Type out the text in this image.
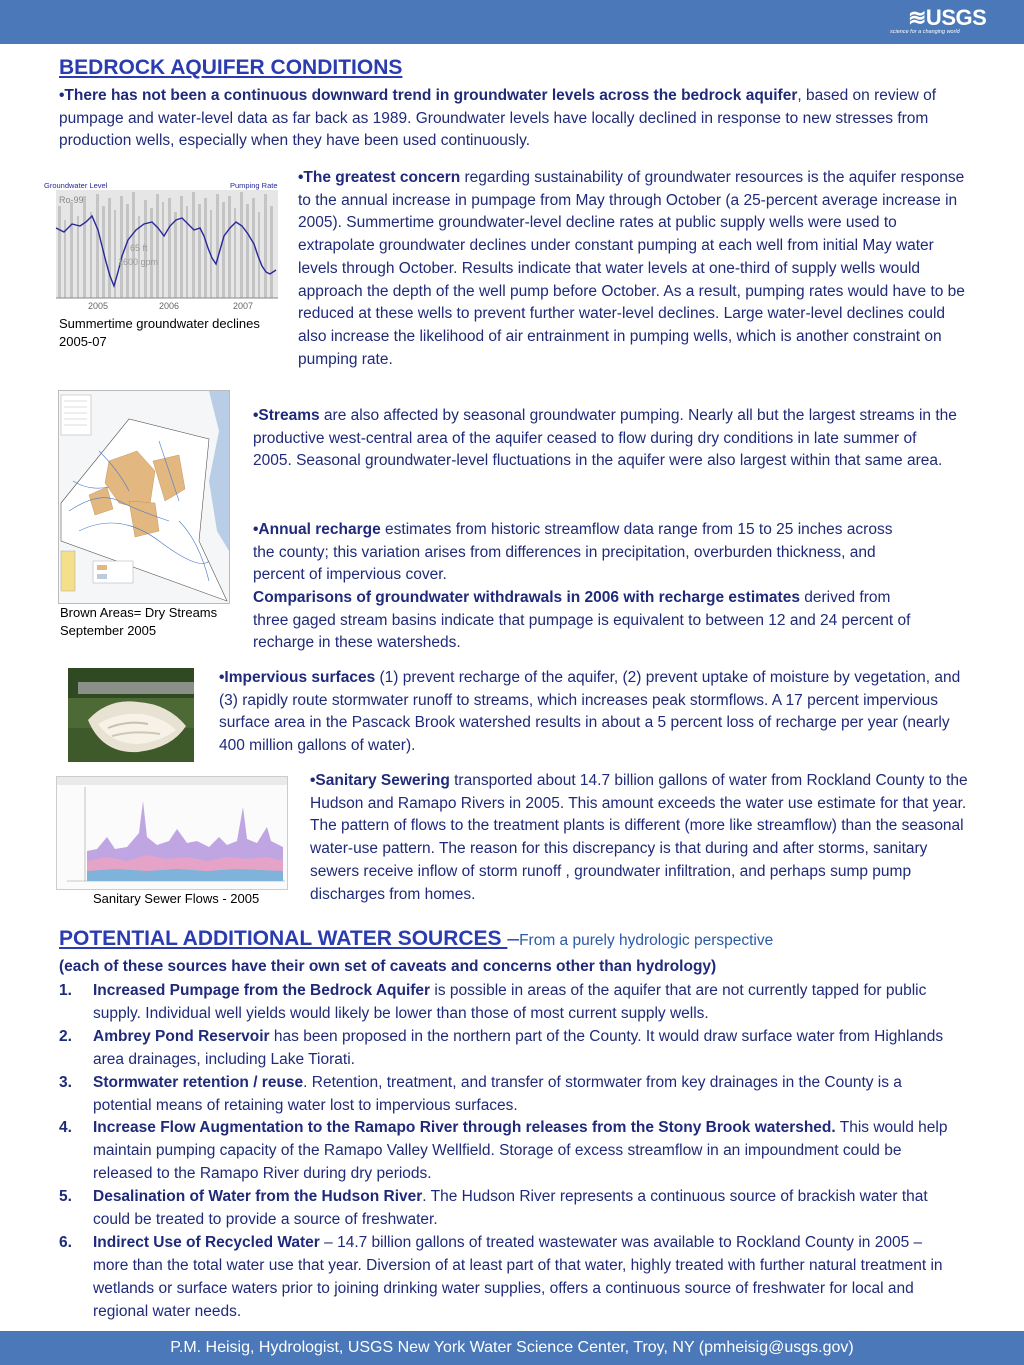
≋USGS
science for a changing world
BEDROCK AQUIFER CONDITIONS
•There has not been a continuous downward trend in groundwater levels across the bedrock aquifer, based on review of pumpage and water-level data as far back as 1989. Groundwater levels have locally declined in response to new stresses from production wells, especially when they have been used continuously.
Groundwater Level	Pumping Rate
Ro-99
65 ft
1600 gpm
2005	2006	2007
Summertime groundwater declines 2005-07
•The greatest concern regarding sustainability of groundwater resources is the aquifer response to the annual increase in pumpage from May through October (a 25-percent average increase in 2005). Summertime groundwater-level decline rates at public supply wells were used to extrapolate groundwater declines under constant pumping at each well from initial May water levels through October. Results indicate that water levels at one-third of supply wells would approach the depth of the well pump before October. As a result, pumping rates would have to be reduced at these wells to prevent further water-level declines. Large water-level declines could also increase the likelihood of air entrainment in pumping wells, which is another constraint on pumping rate.
Brown Areas= Dry Streams September 2005
•Streams are also affected by seasonal groundwater pumping. Nearly all but the largest streams in the productive west-central area of the aquifer ceased to flow during dry conditions in late summer of 2005. Seasonal groundwater-level fluctuations in the aquifer were also largest within that same area.
•Annual recharge estimates from historic streamflow data range from 15 to 25 inches across the county; this variation arises from differences in precipitation, overburden thickness, and percent of impervious cover.
Comparisons of groundwater withdrawals in 2006 with recharge estimates derived from three gaged stream basins indicate that pumpage is equivalent to between 12 and 24 percent of recharge in these watersheds.
•Impervious surfaces (1) prevent recharge of the aquifer, (2) prevent uptake of moisture by vegetation, and (3) rapidly route stormwater runoff to streams, which increases peak stormflows. A 17 percent impervious surface area in the Pascack Brook watershed results in about a 5 percent loss of recharge per year (nearly 400 million gallons of water).
Sanitary Sewer Flows - 2005
•Sanitary Sewering transported about 14.7 billion gallons of water from Rockland County to the Hudson and Ramapo Rivers in 2005. This amount exceeds the water use estimate for that year. The pattern of flows to the treatment plants is different (more like streamflow) than the seasonal water-use pattern. The reason for this discrepancy is that during and after storms, sanitary sewers receive inflow of storm runoff , groundwater infiltration, and perhaps sump pump discharges from homes.
POTENTIAL ADDITIONAL WATER SOURCES –From a purely hydrologic perspective
(each of these sources have their own set of caveats and concerns other than hydrology)
1. Increased Pumpage from the Bedrock Aquifer is possible in areas of the aquifer that are not currently tapped for public supply. Individual well yields would likely be lower than those of most current supply wells.
2. Ambrey Pond Reservoir has been proposed in the northern part of the County. It would draw surface water from Highlands area drainages, including Lake Tiorati.
3. Stormwater retention / reuse. Retention, treatment, and transfer of stormwater from key drainages in the County is a potential means of retaining water lost to impervious surfaces.
4. Increase Flow Augmentation to the Ramapo River through releases from the Stony Brook watershed. This would help maintain pumping capacity of the Ramapo Valley Wellfield. Storage of excess streamflow in an impoundment could be released to the Ramapo River during dry periods.
5. Desalination of Water from the Hudson River. The Hudson River represents a continuous source of brackish water that could be treated to provide a source of freshwater.
6. Indirect Use of Recycled Water – 14.7 billion gallons of treated wastewater was available to Rockland County in 2005 – more than the total water use that year. Diversion of at least part of that water, highly treated with further natural treatment in wetlands or surface waters prior to joining drinking water supplies, offers a continuous source of freshwater for local and regional water needs.
P.M. Heisig, Hydrologist, USGS New York Water Science Center, Troy, NY (pmheisig@usgs.gov)
